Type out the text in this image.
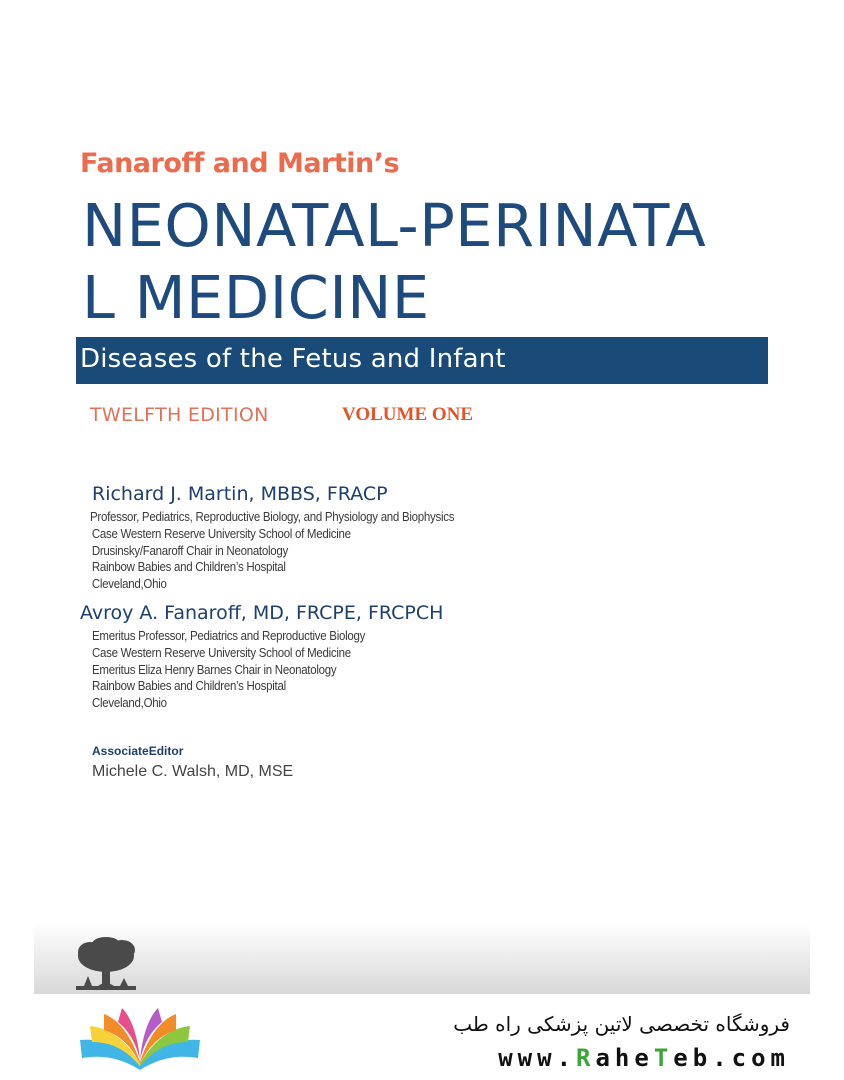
Fanaroff and Martin’s
NEONATAL-PERINATA
L MEDICINE
Diseases of the Fetus and Infant
TWELFTH EDITION	VOLUME ONE
Richard J. Martin, MBBS, FRACP
Professor, Pediatrics, Reproductive Biology, and Physiology and Biophysics
Case Western Reserve University School of Medicine
Drusinsky/Fanaroff Chair in Neonatology
Rainbow Babies and Children’s Hospital
Cleveland,Ohio
Avroy A. Fanaroff, MD, FRCPE, FRCPCH
Emeritus Professor, Pediatrics and Reproductive Biology
Case Western Reserve University School of Medicine
Emeritus Eliza Henry Barnes Chair in Neonatology
Rainbow Babies and Children’s Hospital
Cleveland,Ohio
AssociateEditor
Michele C. Walsh, MD, MSE
فروشگاه تخصصی لاتین پزشکی راه طب
www.RaheTeb.com
